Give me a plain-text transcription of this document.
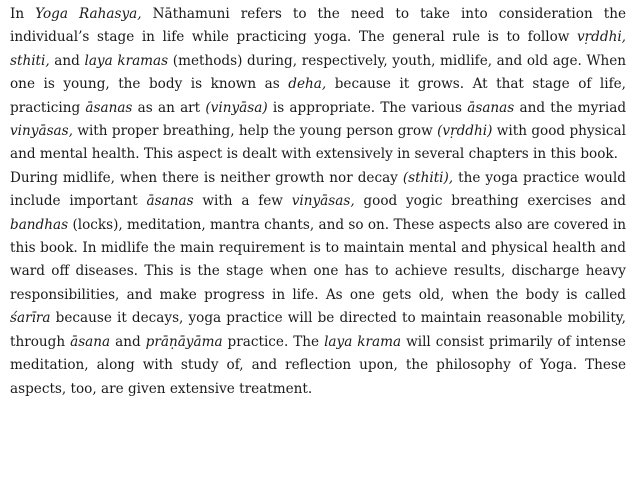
In Yoga Rahasya, Nāthamuni refers to the need to take into consideration the individual’s stage in life while practicing yoga. The general rule is to follow vṛddhi, sthiti, and laya kramas (methods) during, respectively, youth, midlife, and old age. When one is young, the body is known as deha, because it grows. At that stage of life, practicing āsanas as an art (vinyāsa) is appropriate. The various āsanas and the myriad vinyāsas, with proper breathing, help the young person grow (vṛddhi) with good physical and mental health. This aspect is dealt with extensively in several chapters in this book.

During midlife, when there is neither growth nor decay (sthiti), the yoga practice would include important āsanas with a few vinyāsas, good yogic breathing exercises and bandhas (locks), meditation, mantra chants, and so on. These aspects also are covered in this book. In midlife the main requirement is to maintain mental and physical health and ward off diseases. This is the stage when one has to achieve results, discharge heavy responsibilities, and make progress in life. As one gets old, when the body is called śarīra because it decays, yoga practice will be directed to maintain reasonable mobility, through āsana and prāṇāyāma practice. The laya krama will consist primarily of intense meditation, along with study of, and reflection upon, the philosophy of Yoga. These aspects, too, are given extensive treatment.
